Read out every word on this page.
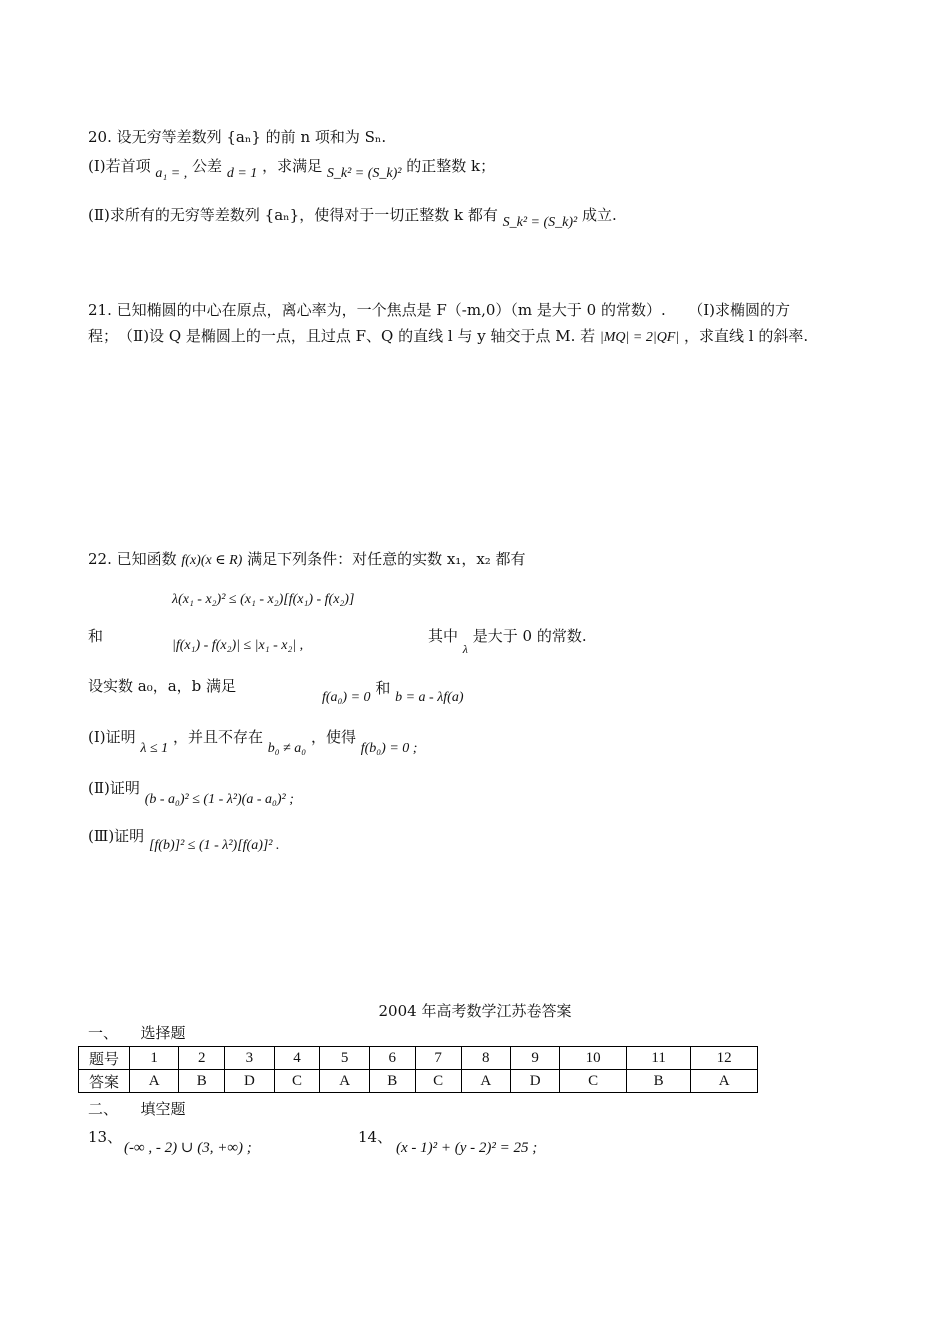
20. 设无穷等差数列 {aₙ} 的前 n 项和为 Sₙ.
(Ⅰ)若首项 a₁ = , 公差 d = 1 ，求满足 S_k² = (S_k)² 的正整数 k；
(Ⅱ)求所有的无穷等差数列 {aₙ}，使得对于一切正整数 k 都有 S_k² = (S_k)² 成立.
21. 已知椭圆的中心在原点，离心率为，一个焦点是 F（-m,0）（m 是大于 0 的常数）.　　（Ⅰ)求椭圆的方
程；　（Ⅱ)设 Q 是椭圆上的一点，且过点 F、Q 的直线 l 与 y 轴交于点 M. 若 |MQ| = 2|QF| ，求直线 l 的斜率.
22. 已知函数 f(x)(x ∈ R) 满足下列条件：对任意的实数 x₁，x₂ 都有
λ(x₁ - x₂)² ≤ (x₁ - x₂)[f(x₁) - f(x₂)]
和
|f(x₁) - f(x₂)| ≤ |x₁ - x₂| ,
其中 $_\lambda$ 是大于 0 的常数.
设实数 a₀，a，b 满足
f(a₀) = 0 和 b = a - λf(a)
(Ⅰ)证明 λ ≤ 1 ，并且不存在 b₀ ≠ a₀ ，使得 f(b₀) = 0 ;
(Ⅱ)证明 (b - a₀)² ≤ (1 - λ²)(a - a₀)² ;
(Ⅲ)证明 [f(b)]² ≤ (1 - λ²)[f(a)]² .
2004 年高考数学江苏卷答案
一、　　选择题
题号	1	2	3	4	5	6	7	8	9	10	11	12
答案	A	B	D	C	A	B	C	A	D	C	B	A
二、　　填空题
13、
(-∞ , - 2) ∪ (3, +∞) ;
14、
(x - 1)² + (y - 2)² = 25 ;
